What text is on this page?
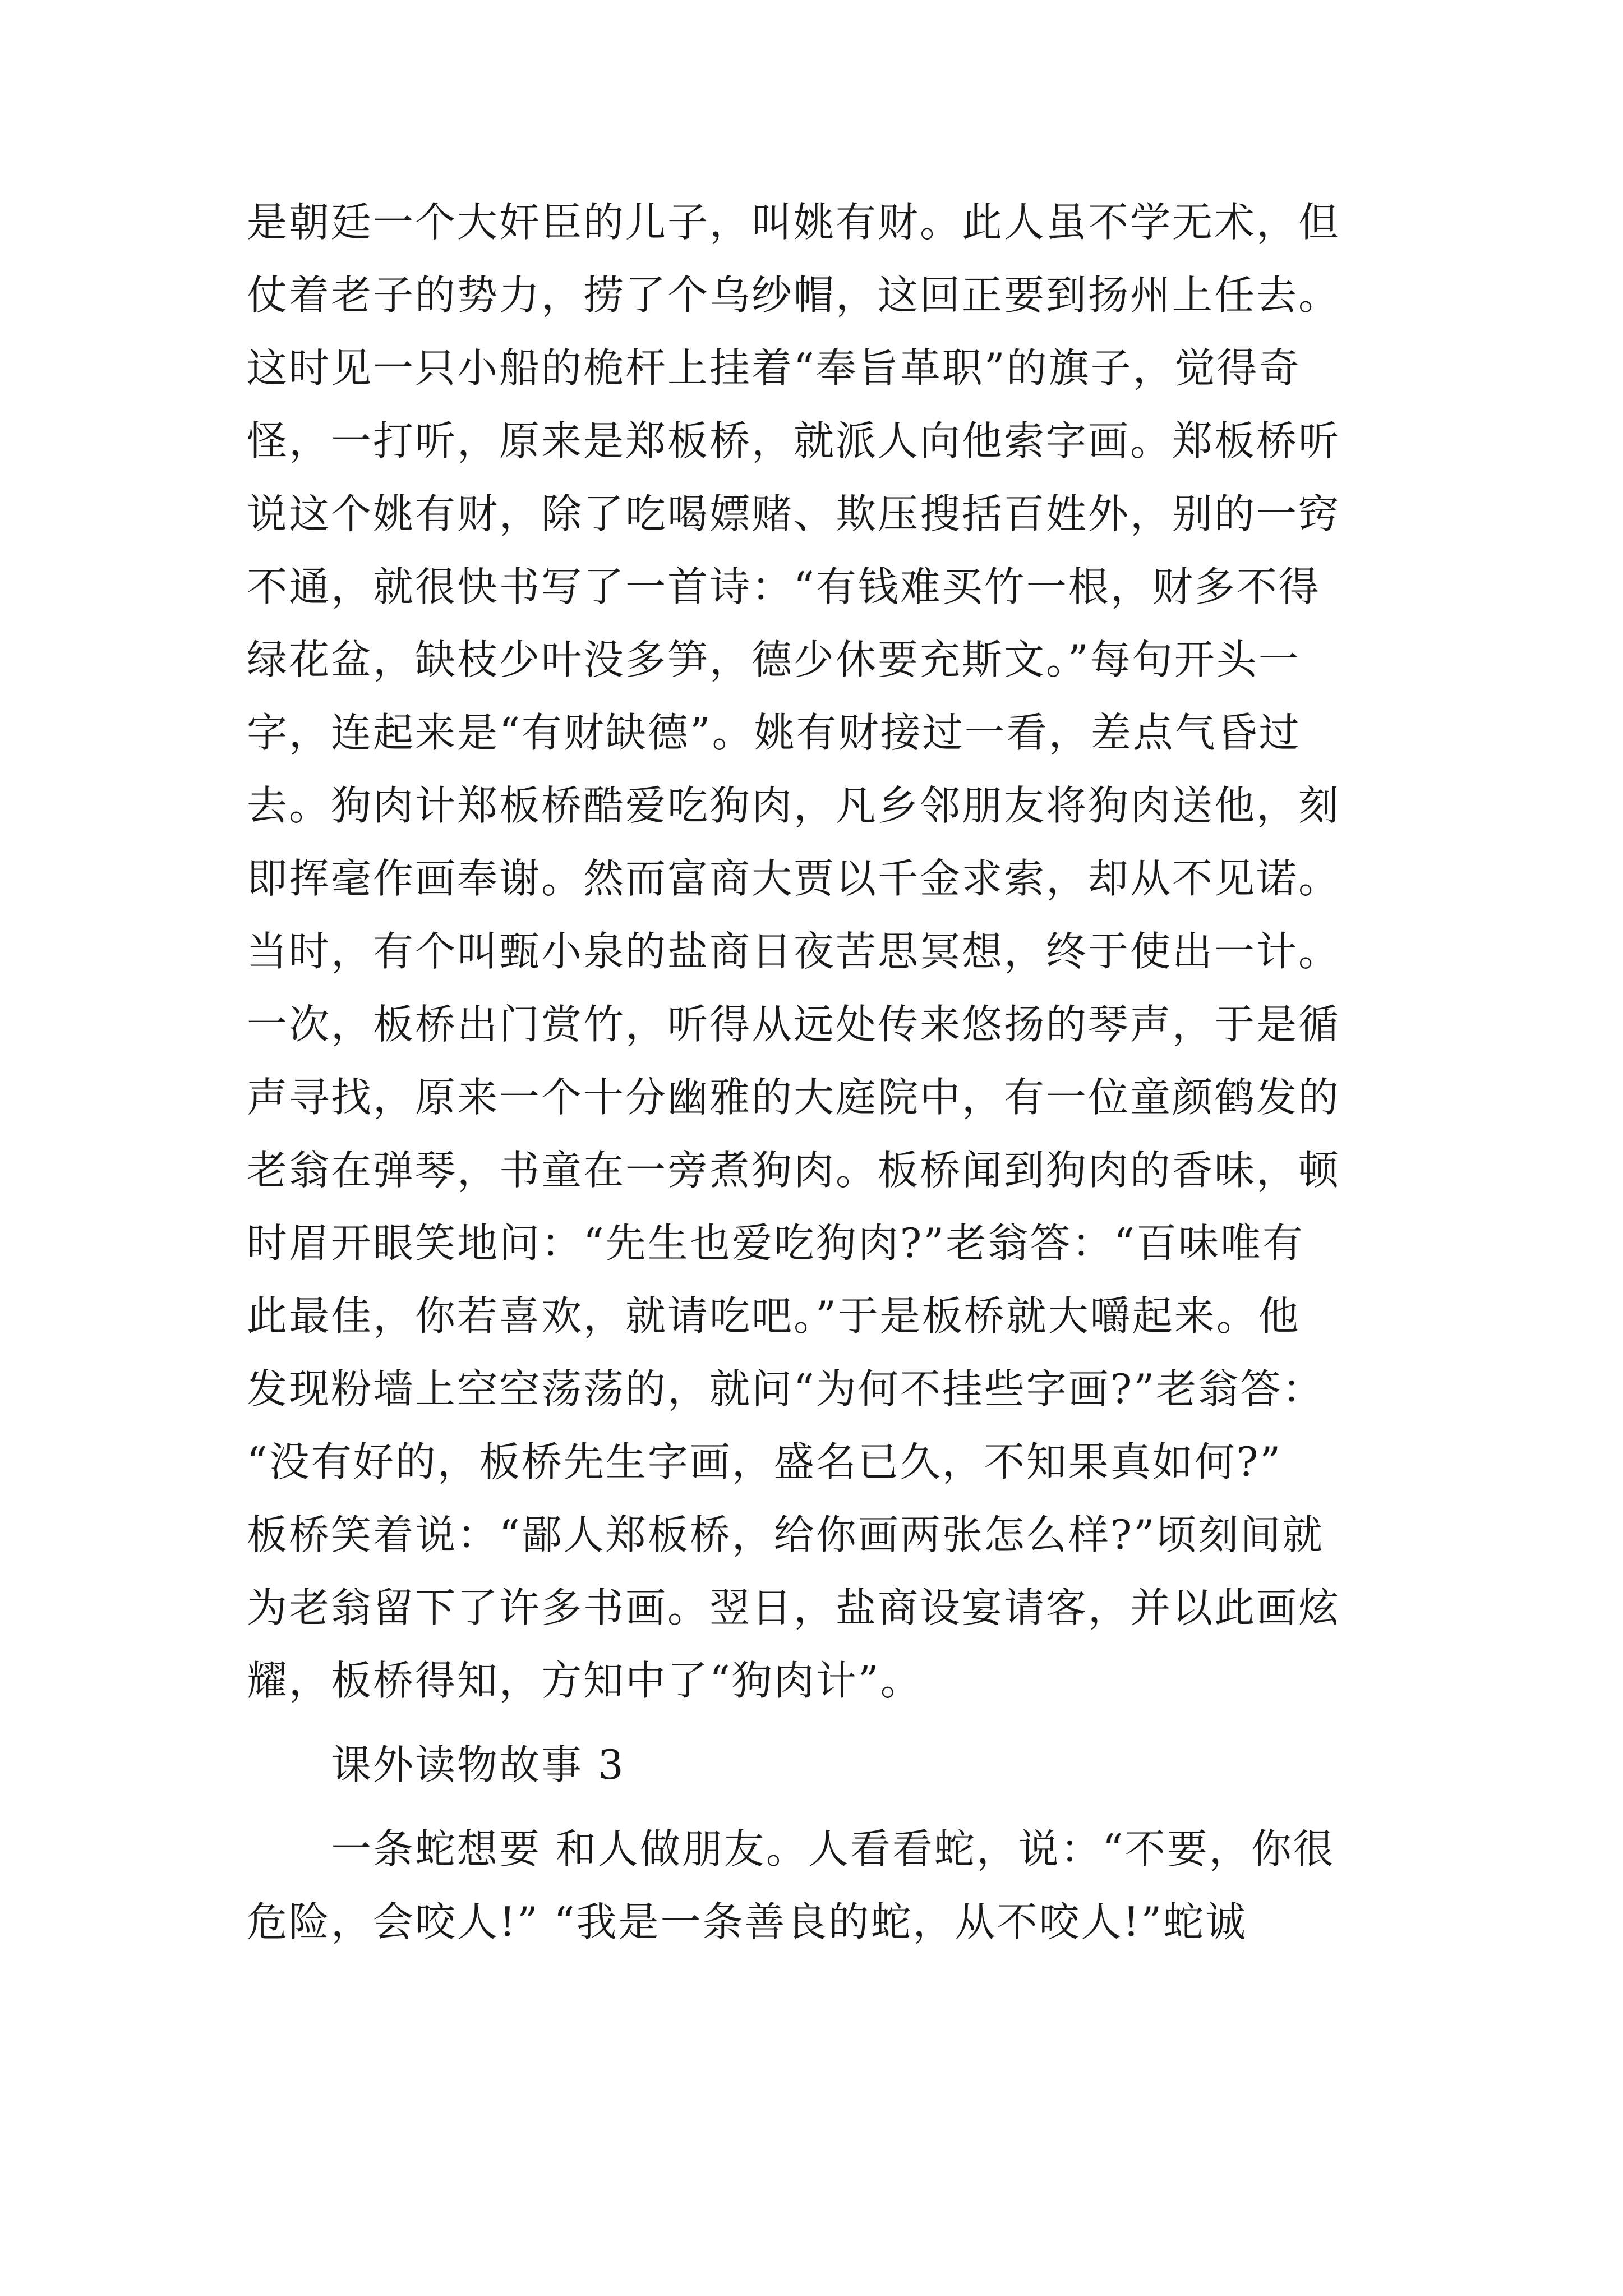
是朝廷一个大奸臣的儿子，叫姚有财。此人虽不学无术，但
仗着老子的势力，捞了个乌纱帽，这回正要到扬州上任去。
这时见一只小船的桅杆上挂着“奉旨革职”的旗子，觉得奇
怪，一打听，原来是郑板桥，就派人向他索字画。郑板桥听
说这个姚有财，除了吃喝嫖赌、欺压搜括百姓外，别的一窍
不通，就很快书写了一首诗：“有钱难买竹一根，财多不得
绿花盆，缺枝少叶没多笋，德少休要充斯文。”每句开头一
字，连起来是“有财缺德”。姚有财接过一看，差点气昏过
去。狗肉计郑板桥酷爱吃狗肉，凡乡邻朋友将狗肉送他，刻
即挥毫作画奉谢。然而富商大贾以千金求索，却从不见诺。
当时，有个叫甄小泉的盐商日夜苦思冥想，终于使出一计。
一次，板桥出门赏竹，听得从远处传来悠扬的琴声，于是循
声寻找，原来一个十分幽雅的大庭院中，有一位童颜鹤发的
老翁在弹琴，书童在一旁煮狗肉。板桥闻到狗肉的香味，顿
时眉开眼笑地问：“先生也爱吃狗肉?”老翁答：“百味唯有
此最佳，你若喜欢，就请吃吧。”于是板桥就大嚼起来。他
发现粉墙上空空荡荡的，就问“为何不挂些字画?”老翁答：
“没有好的，板桥先生字画，盛名已久，不知果真如何?”
板桥笑着说：“鄙人郑板桥，给你画两张怎么样?”顷刻间就
为老翁留下了许多书画。翌日，盐商设宴请客，并以此画炫
耀，板桥得知，方知中了“狗肉计”。
课外读物故事 3
一条蛇想要 和人做朋友。人看看蛇，说：“不要，你很
危险，会咬人!” “我是一条善良的蛇，从不咬人!”蛇诚
